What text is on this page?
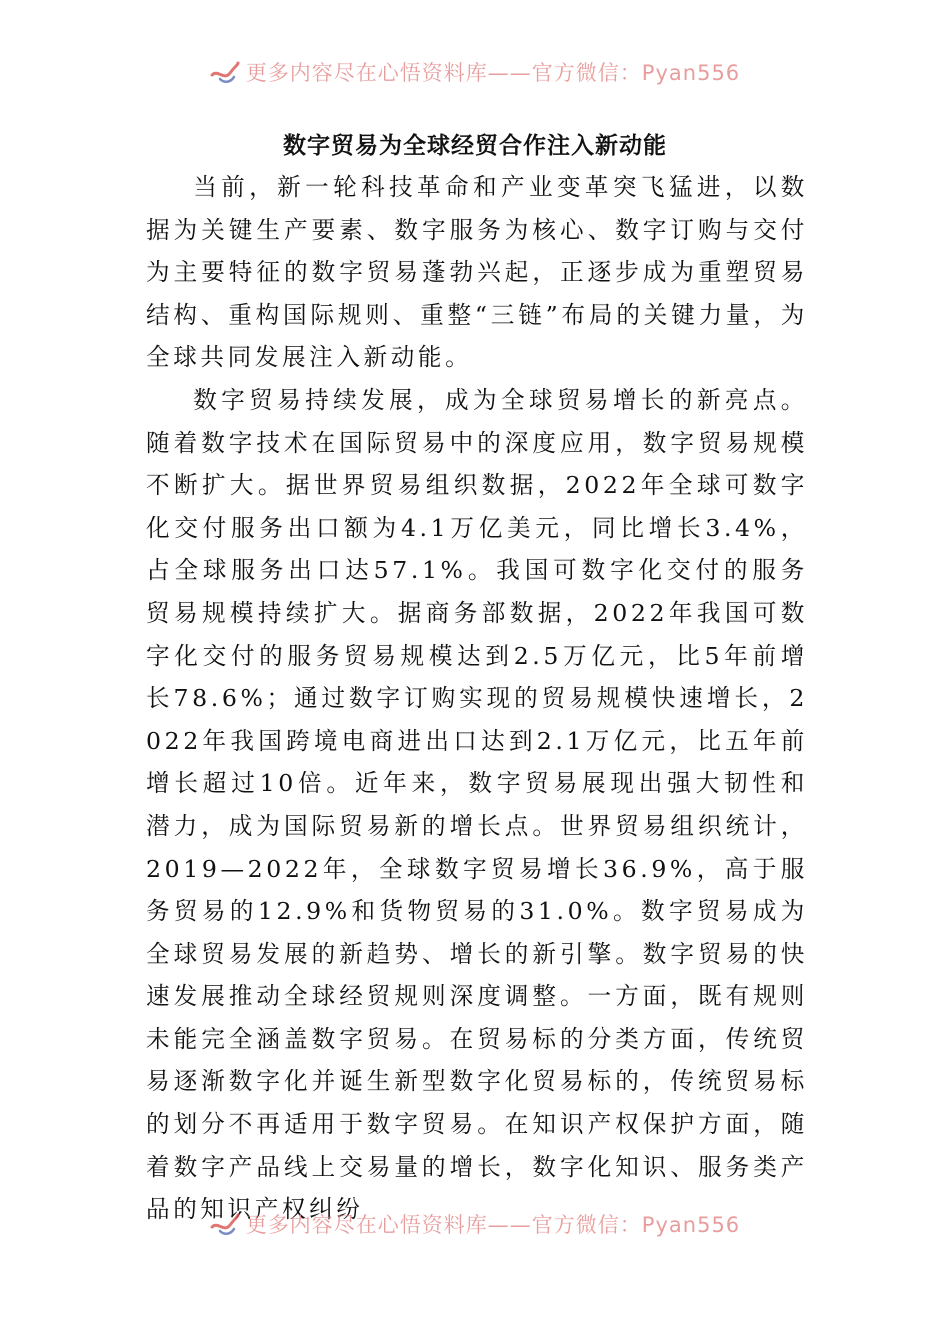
更多内容尽在心悟资料库——官方微信：Pyan556
数字贸易为全球经贸合作注入新动能

当前，新一轮科技革命和产业变革突飞猛进，以数据为关键生产要素、数字服务为核心、数字订购与交付为主要特征的数字贸易蓬勃兴起，正逐步成为重塑贸易结构、重构国际规则、重整“三链”布局的关键力量，为全球共同发展注入新动能。

数字贸易持续发展，成为全球贸易增长的新亮点。随着数字技术在国际贸易中的深度应用，数字贸易规模不断扩大。据世界贸易组织数据，2022年全球可数字化交付服务出口额为4.1万亿美元，同比增长3.4%，占全球服务出口达57.1%。我国可数字化交付的服务贸易规模持续扩大。据商务部数据，2022年我国可数字化交付的服务贸易规模达到2.5万亿元，比5年前增长78.6%；通过数字订购实现的贸易规模快速增长，2022年我国跨境电商进出口达到2.1万亿元，比五年前增长超过10倍。近年来，数字贸易展现出强大韧性和潜力，成为国际贸易新的增长点。世界贸易组织统计，2019—2022年，全球数字贸易增长36.9%，高于服务贸易的12.9%和货物贸易的31.0%。数字贸易成为全球贸易发展的新趋势、增长的新引擎。数字贸易的快速发展推动全球经贸规则深度调整。一方面，既有规则未能完全涵盖数字贸易。在贸易标的分类方面，传统贸易逐渐数字化并诞生新型数字化贸易标的，传统贸易标的划分不再适用于数字贸易。在知识产权保护方面，随着数字产品线上交易量的增长，数字化知识、服务类产品的知识产权纠纷

更多内容尽在心悟资料库——官方微信：Pyan556
